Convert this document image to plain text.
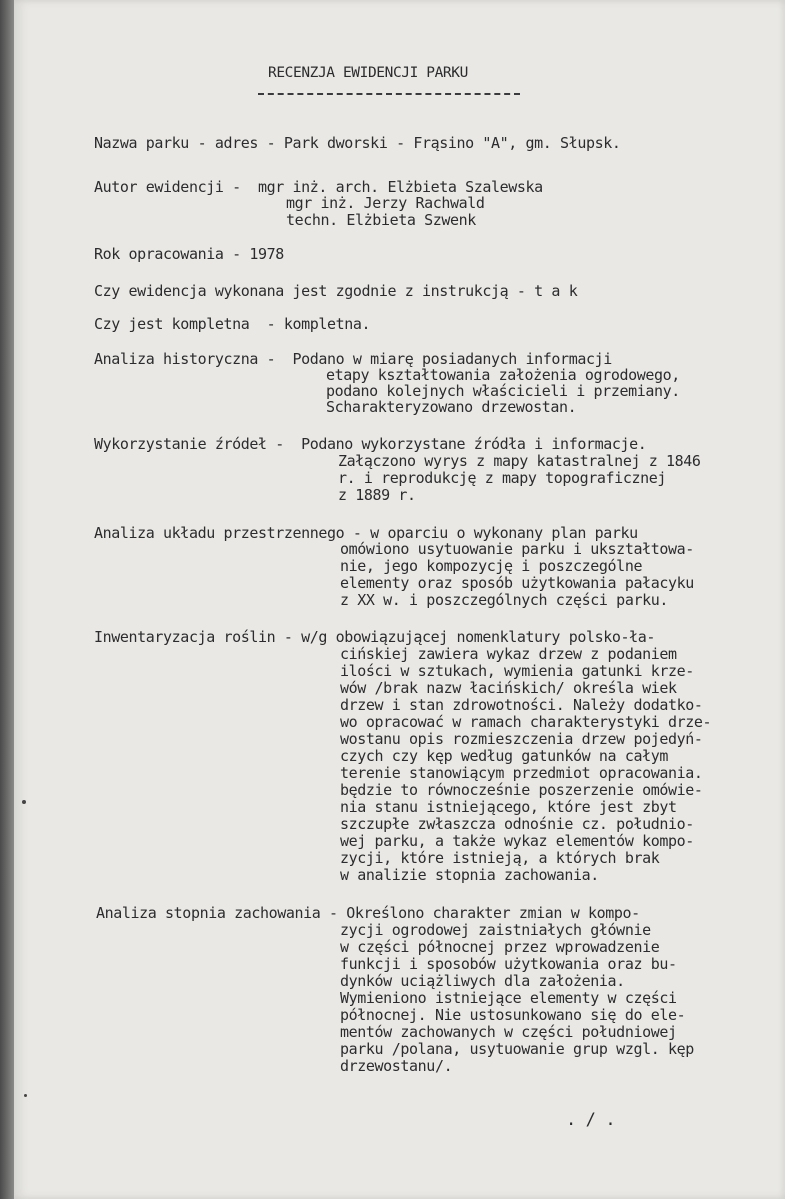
RECENZJA EWIDENCJI PARKU
Nazwa parku - adres - Park dworski - Frąsino "A", gm. Słupsk.
Autor ewidencji -  mgr inż. arch. Elżbieta Szalewska
mgr inż. Jerzy Rachwald
techn. Elżbieta Szwenk
Rok opracowania - 1978
Czy ewidencja wykonana jest zgodnie z instrukcją - t a k
Czy jest kompletna  - kompletna.
Analiza historyczna -  Podano w miarę posiadanych informacji
etapy kształtowania założenia ogrodowego,
podano kolejnych właścicieli i przemiany.
Scharakteryzowano drzewostan.
Wykorzystanie źródeł -  Podano wykorzystane źródła i informacje.
Załączono wyrys z mapy katastralnej z 1846
r. i reprodukcję z mapy topograficznej
z 1889 r.
Analiza układu przestrzennego - w oparciu o wykonany plan parku
omówiono usytuowanie parku i ukształtowa-
nie, jego kompozycję i poszczególne
elementy oraz sposób użytkowania pałacyku
z XX w. i poszczególnych części parku.
Inwentaryzacja roślin - w/g obowiązującej nomenklatury polsko-ła-
cińskiej zawiera wykaz drzew z podaniem
ilości w sztukach, wymienia gatunki krze-
wów /brak nazw łacińskich/ określa wiek
drzew i stan zdrowotności. Należy dodatko-
wo opracować w ramach charakterystyki drze-
wostanu opis rozmieszczenia drzew pojedyń-
czych czy kęp według gatunków na całym
terenie stanowiącym przedmiot opracowania.
będzie to równocześnie poszerzenie omówie-
nia stanu istniejącego, które jest zbyt
szczupłe zwłaszcza odnośnie cz. południo-
wej parku, a także wykaz elementów kompo-
zycji, które istnieją, a których brak
w analizie stopnia zachowania.
Analiza stopnia zachowania - Określono charakter zmian w kompo-
zycji ogrodowej zaistniałych głównie
w części północnej przez wprowadzenie
funkcji i sposobów użytkowania oraz bu-
dynków uciążliwych dla założenia.
Wymieniono istniejące elementy w części
północnej. Nie ustosunkowano się do ele-
mentów zachowanych w części południowej
parku /polana, usytuowanie grup wzgl. kęp
drzewostanu/.
. / .
